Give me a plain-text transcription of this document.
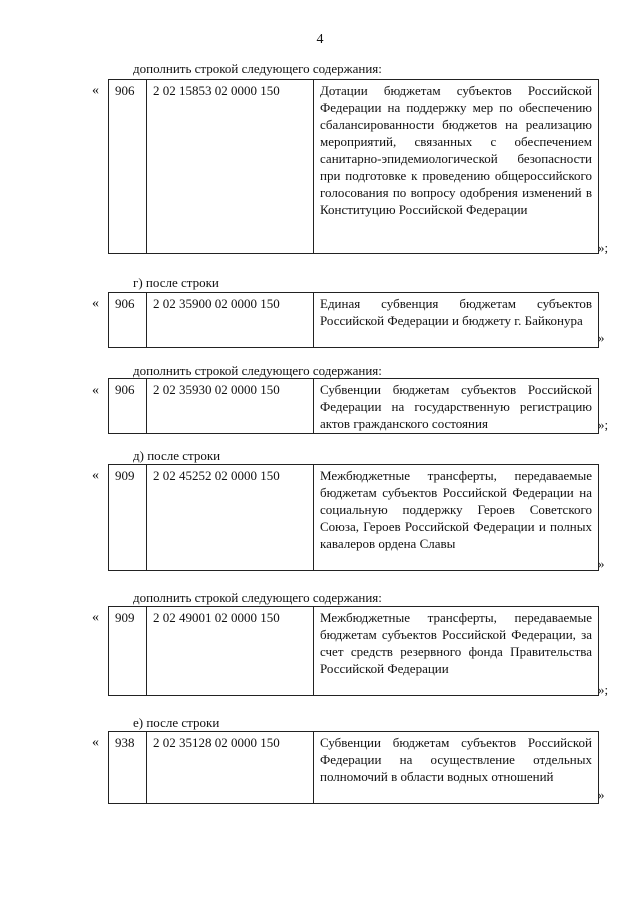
4
дополнить строкой следующего содержания:
« 906	2 02 15853 02 0000 150	Дотации бюджетам субъектов Российской Федерации на поддержку мер по обеспечению сбалансированности бюджетов на реализацию мероприятий, связанных с обеспечением санитарно-эпидемиологической безопасности при подготовке к проведению общероссийского голосования по вопросу одобрения изменений в Конституцию Российской Федерации
»;
г) после строки
« 906	2 02 35900 02 0000 150	Единая субвенция бюджетам субъектов Российской Федерации и бюджету г. Байконура
»
дополнить строкой следующего содержания:
« 906	2 02 35930 02 0000 150	Субвенции бюджетам субъектов Российской Федерации на государственную регистрацию актов гражданского состояния	»;
д) после строки
« 909	2 02 45252 02 0000 150	Межбюджетные трансферты, передаваемые бюджетам субъектов Российской Федерации на социальную поддержку Героев Советского Союза, Героев Российской Федерации и полных кавалеров ордена Славы
»
дополнить строкой следующего содержания:
« 909	2 02 49001 02 0000 150	Межбюджетные трансферты, передаваемые бюджетам субъектов Российской Федерации, за счет средств резервного фонда Правительства Российской Федерации
»;
е) после строки
« 938	2 02 35128 02 0000 150	Субвенции бюджетам субъектов Российской Федерации на осуществление отдельных полномочий в области водных отношений
»
